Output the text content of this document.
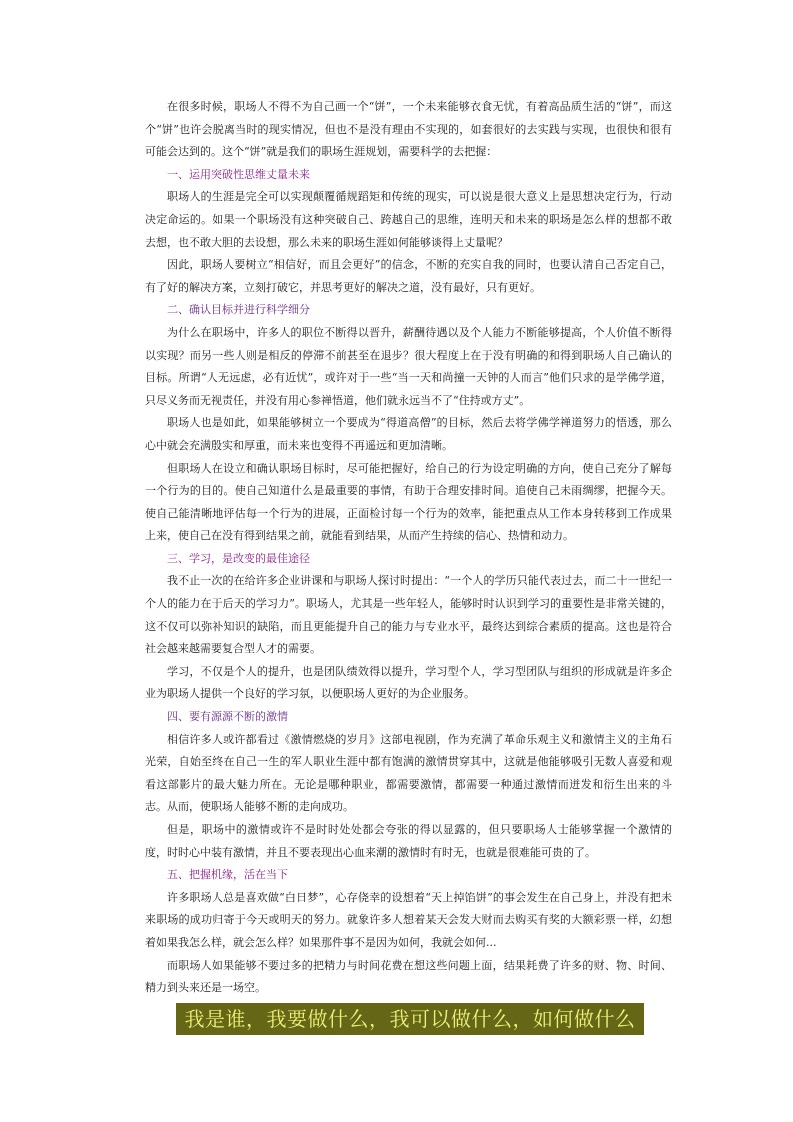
在很多时候，职场人不得不为自己画一个“饼”，一个未来能够衣食无忧，有着高品质生活的“饼”，而这个“饼”也许会脱离当时的现实情况，但也不是没有理由不实现的，如套很好的去实践与实现，也很快和很有可能会达到的。这个“饼”就是我们的职场生涯规划，需要科学的去把握：

一、运用突破性思维丈量未来

职场人的生涯是完全可以实现颠覆循规蹈矩和传统的现实，可以说是很大意义上是思想决定行为，行动决定命运的。如果一个职场没有这种突破自己、跨越自己的思维，连明天和未来的职场是怎么样的想都不敢去想，也不敢大胆的去设想，那么未来的职场生涯如何能够谈得上丈量呢？

因此，职场人要树立“相信好，而且会更好”的信念，不断的充实自我的同时，也要认清自己否定自己，有了好的解决方案，立刻打破它，并思考更好的解决之道，没有最好，只有更好。

二、确认目标并进行科学细分

为什么在职场中，许多人的职位不断得以晋升，薪酬待遇以及个人能力不断能够提高，个人价值不断得以实现？而另一些人则是相反的停滞不前甚至在退步？很大程度上在于没有明确的和得到职场人自己确认的目标。所谓“人无远虑，必有近忧”，或许对于一些“当一天和尚撞一天钟的人而言”他们只求的是学佛学道，只尽义务而无视责任，并没有用心参禅悟道，他们就永远当不了“住持或方丈”。

职场人也是如此，如果能够树立一个要成为“得道高僧”的目标，然后去将学佛学禅道努力的悟透，那么心中就会充满殷实和厚重，而未来也变得不再遥远和更加清晰。

但职场人在设立和确认职场目标时，尽可能把握好，给自己的行为设定明确的方向，使自己充分了解每一个行为的目的。使自己知道什么是最重要的事情，有助于合理安排时间。追使自己未雨绸缪，把握今天。使自己能清晰地评估每一个行为的进展，正面检讨每一个行为的效率，能把重点从工作本身转移到工作成果上来，使自己在没有得到结果之前，就能看到结果，从而产生持续的信心、热情和动力。

三、学习，是改变的最佳途径

我不止一次的在给许多企业讲课和与职场人探讨时提出：“一个人的学历只能代表过去，而二十一世纪一个人的能力在于后天的学习力”。职场人，尤其是一些年轻人，能够时时认识到学习的重要性是非常关键的，这不仅可以弥补知识的缺陷，而且更能提升自己的能力与专业水平，最终达到综合素质的提高。这也是符合社会越来越需要复合型人才的需要。

学习，不仅是个人的提升，也是团队绩效得以提升，学习型个人，学习型团队与组织的形成就是许多企业为职场人提供一个良好的学习氛，以便职场人更好的为企业服务。

四、要有源源不断的激情

相信许多人或许都看过《激情燃烧的岁月》这部电视剧，作为充满了革命乐观主义和激情主义的主角石光荣，自始至终在自己一生的军人职业生涯中都有饱满的激情贯穿其中，这就是他能够吸引无数人喜爱和观看这部影片的最大魅力所在。无论是哪种职业，都需要激情，都需要一种通过激情而迸发和衍生出来的斗志。从而，使职场人能够不断的走向成功。

但是，职场中的激情或许不是时时处处都会夸张的得以显露的，但只要职场人士能够掌握一个激情的度，时时心中装有激情，并且不要表现出心血来潮的激情时有时无，也就是很难能可贵的了。

五、把握机缘，活在当下

许多职场人总是喜欢做“白日梦”，心存侥幸的设想着“天上掉馅饼”的事会发生在自己身上，并没有把未来职场的成功归寄于今天或明天的努力。就象许多人想着某天会发大财而去购买有奖的大额彩票一样，幻想着如果我怎么样，就会怎么样？如果那件事不是因为如何，我就会如何...

而职场人如果能够不要过多的把精力与时间花费在想这些问题上面，结果耗费了许多的财、物、时间、精力到头来还是一场空。

我是谁，我要做什么，我可以做什么，如何做什么
